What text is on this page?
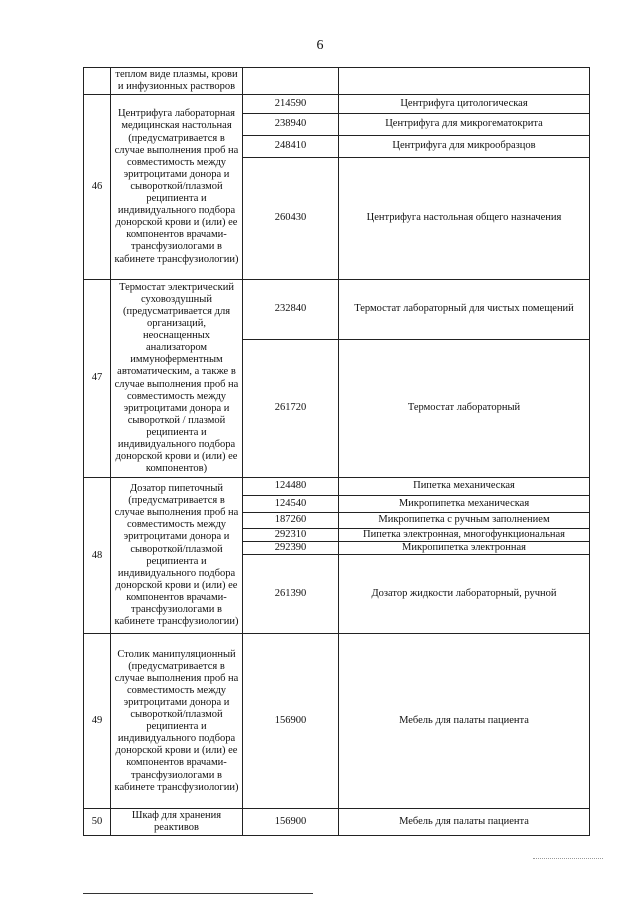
6
	теплом виде плазмы, крови и инфузионных растворов		
46	Центрифуга лабораторная медицинская настольная (предусматривается в случае выполнения проб на совместимость между эритроцитами донора и сывороткой/плазмой реципиента и индивидуального подбора донорской крови и (или) ее компонентов врачами-трансфузиологами в кабинете трансфузиологии)	214590	Центрифуга цитологическая
		238940	Центрифуга для микрогематокрита
		248410	Центрифуга для микрообразцов
		260430	Центрифуга настольная общего назначения
47	Термостат электрический суховоздушный (предусматривается для организаций, неоснащенных анализатором иммуноферментным автоматическим, а также в случае выполнения проб на совместимость между эритроцитами донора и сывороткой / плазмой реципиента и индивидуального подбора донорской крови и (или) ее компонентов)	232840	Термостат лабораторный для чистых помещений
		261720	Термостат лабораторный
48	Дозатор пипеточный (предусматривается в случае выполнения проб на совместимость между эритроцитами донора и сывороткой/плазмой реципиента и индивидуального подбора донорской крови и (или) ее компонентов врачами-трансфузиологами в кабинете трансфузиологии)	124480	Пипетка механическая
		124540	Микропипетка механическая
		187260	Микропипетка с ручным заполнением
		292310	Пипетка электронная, многофункциональная
		292390	Микропипетка электронная
		261390	Дозатор жидкости лабораторный, ручной
49	Столик манипуляционный (предусматривается в случае выполнения проб на совместимость между эритроцитами донора и сывороткой/плазмой реципиента и индивидуального подбора донорской крови и (или) ее компонентов врачами-трансфузиологами в кабинете трансфузиологии)	156900	Мебель для палаты пациента
50	Шкаф для хранения реактивов	156900	Мебель для палаты пациента
